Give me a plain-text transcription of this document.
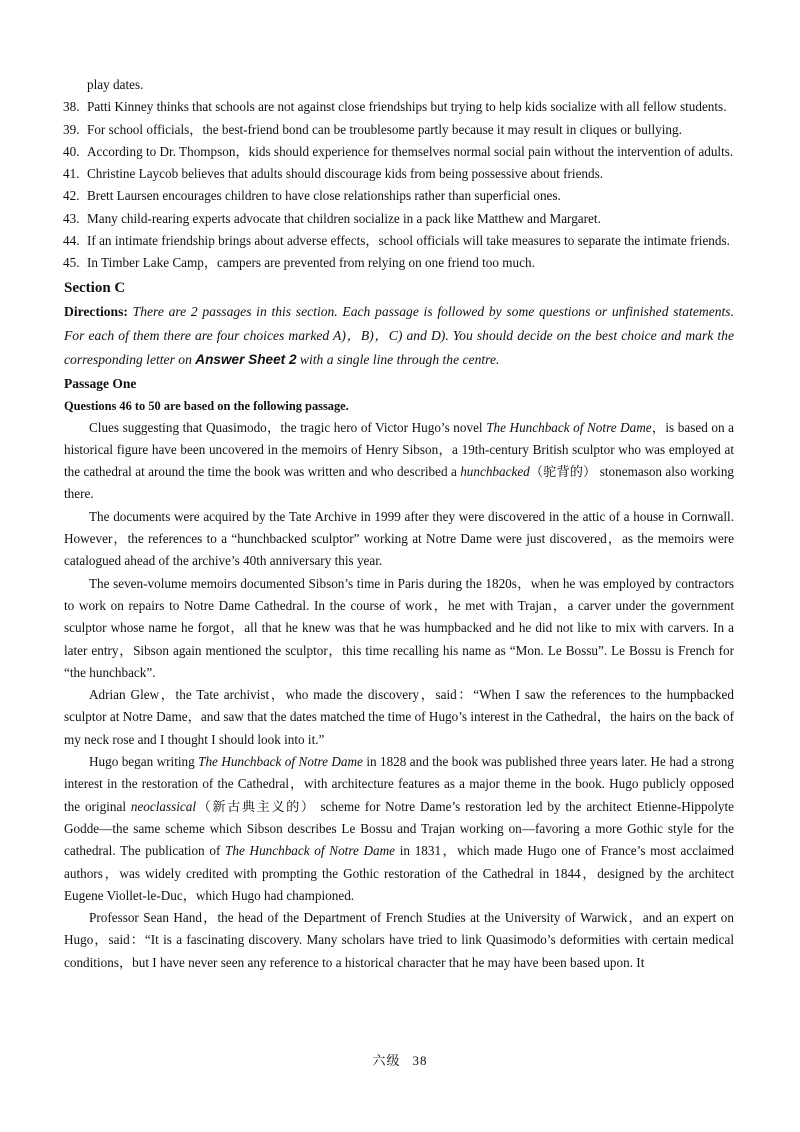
play dates.
38. Patti Kinney thinks that schools are not against close friendships but trying to help kids socialize with all fellow students.
39. For school officials，the best-friend bond can be troublesome partly because it may result in cliques or bullying.
40. According to Dr. Thompson，kids should experience for themselves normal social pain without the intervention of adults.
41. Christine Laycob believes that adults should discourage kids from being possessive about friends.
42. Brett Laursen encourages children to have close relationships rather than superficial ones.
43. Many child-rearing experts advocate that children socialize in a pack like Matthew and Margaret.
44. If an intimate friendship brings about adverse effects，school officials will take measures to separate the intimate friends.
45. In Timber Lake Camp，campers are prevented from relying on one friend too much.
Section C
Directions: There are 2 passages in this section. Each passage is followed by some questions or unfinished statements. For each of them there are four choices marked A)，B)，C) and D). You should decide on the best choice and mark the corresponding letter on Answer Sheet 2 with a single line through the centre.
Passage One
Questions 46 to 50 are based on the following passage.
Clues suggesting that Quasimodo，the tragic hero of Victor Hugo’s novel The Hunchback of Notre Dame，is based on a historical figure have been uncovered in the memoirs of Henry Sibson，a 19th-century British sculptor who was employed at the cathedral at around the time the book was written and who described a hunchbacked（驼背的） stonemason also working there.
The documents were acquired by the Tate Archive in 1999 after they were discovered in the attic of a house in Cornwall. However，the references to a “hunchbacked sculptor” working at Notre Dame were just discovered，as the memoirs were catalogued ahead of the archive’s 40th anniversary this year.
The seven-volume memoirs documented Sibson’s time in Paris during the 1820s，when he was employed by contractors to work on repairs to Notre Dame Cathedral. In the course of work，he met with Trajan，a carver under the government sculptor whose name he forgot，all that he knew was that he was humpbacked and he did not like to mix with carvers. In a later entry，Sibson again mentioned the sculptor，this time recalling his name as “Mon. Le Bossu”. Le Bossu is French for “the hunchback”.
Adrian Glew，the Tate archivist，who made the discovery，said：“When I saw the references to the humpbacked sculptor at Notre Dame，and saw that the dates matched the time of Hugo’s interest in the Cathedral，the hairs on the back of my neck rose and I thought I should look into it.”
Hugo began writing The Hunchback of Notre Dame in 1828 and the book was published three years later. He had a strong interest in the restoration of the Cathedral，with architecture features as a major theme in the book. Hugo publicly opposed the original neoclassical（新古典主义的） scheme for Notre Dame’s restoration led by the architect Etienne-Hippolyte Godde—the same scheme which Sibson describes Le Bossu and Trajan working on—favoring a more Gothic style for the cathedral. The publication of The Hunchback of Notre Dame in 1831，which made Hugo one of France’s most acclaimed authors，was widely credited with prompting the Gothic restoration of the Cathedral in 1844，designed by the architect Eugene Viollet-le-Duc，which Hugo had championed.
Professor Sean Hand，the head of the Department of French Studies at the University of Warwick，and an expert on Hugo，said：“It is a fascinating discovery. Many scholars have tried to link Quasimodo’s deformities with certain medical conditions，but I have never seen any reference to a historical character that he may have been based upon. It
六级 38
